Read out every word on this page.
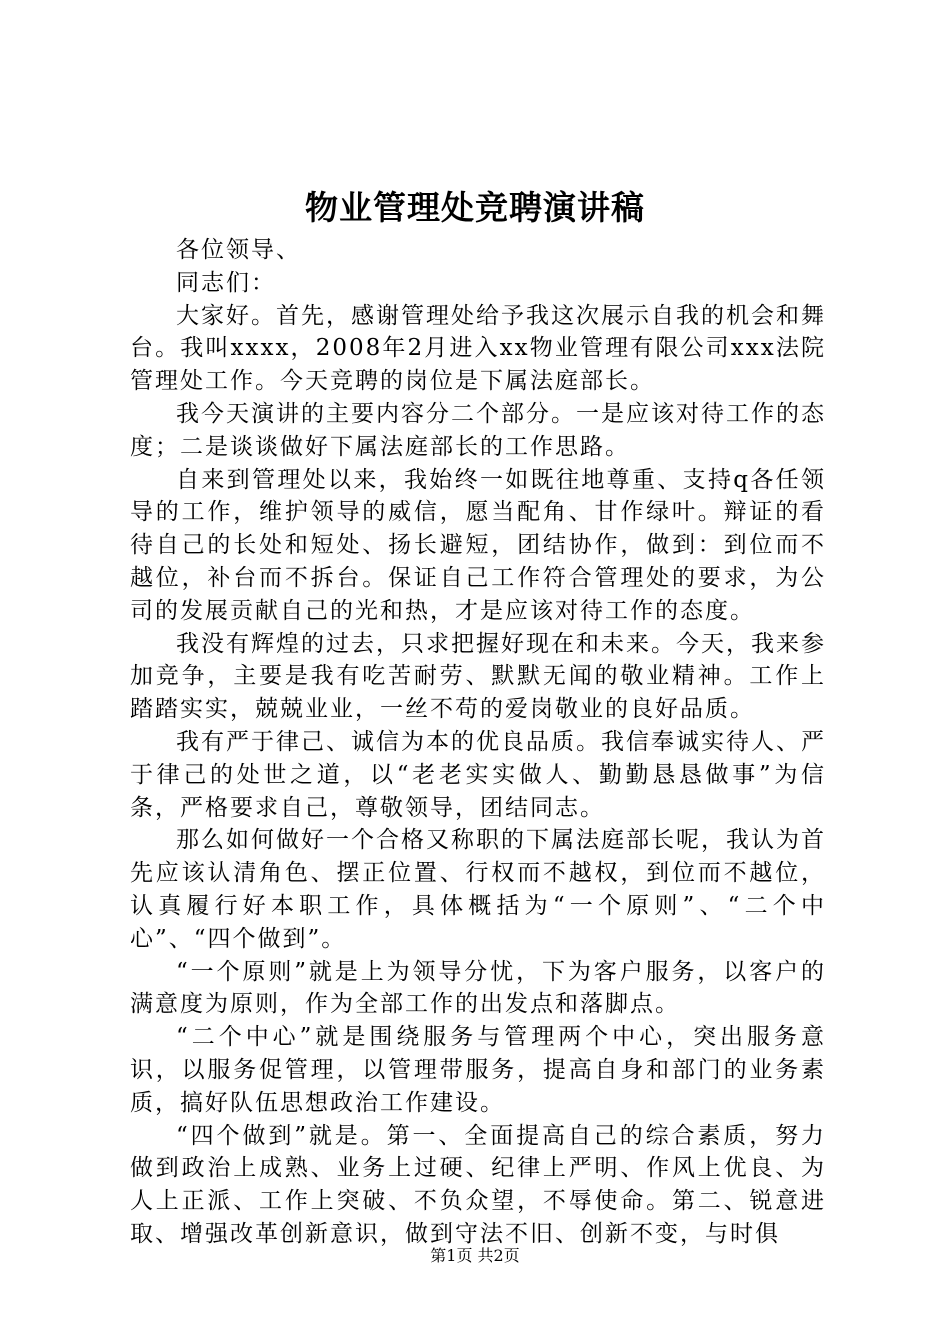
物业管理处竞聘演讲稿

各位领导、

同志们：

大家好。首先，感谢管理处给予我这次展示自我的机会和舞台。我叫xxxx，2008年2月进入xx物业管理有限公司xxx法院管理处工作。今天竞聘的岗位是下属法庭部长。

我今天演讲的主要内容分二个部分。一是应该对待工作的态度；二是谈谈做好下属法庭部长的工作思路。

自来到管理处以来，我始终一如既往地尊重、支持q各任领导的工作，维护领导的威信，愿当配角、甘作绿叶。辩证的看待自己的长处和短处、扬长避短，团结协作，做到：到位而不越位，补台而不拆台。保证自己工作符合管理处的要求，为公司的发展贡献自己的光和热，才是应该对待工作的态度。

我没有辉煌的过去，只求把握好现在和未来。今天，我来参加竞争，主要是我有吃苦耐劳、默默无闻的敬业精神。工作上踏踏实实，兢兢业业，一丝不苟的爱岗敬业的良好品质。

我有严于律己、诚信为本的优良品质。我信奉诚实待人、严于律己的处世之道，以“老老实实做人、勤勤恳恳做事”为信条，严格要求自己，尊敬领导，团结同志。

那么如何做好一个合格又称职的下属法庭部长呢，我认为首先应该认清角色、摆正位置、行权而不越权，到位而不越位，认真履行好本职工作，具体概括为“一个原则”、“二个中心”、“四个做到”。

“一个原则”就是上为领导分忧，下为客户服务，以客户的满意度为原则，作为全部工作的出发点和落脚点。

“二个中心”就是围绕服务与管理两个中心，突出服务意识，以服务促管理，以管理带服务，提高自身和部门的业务素质，搞好队伍思想政治工作建设。

“四个做到”就是。第一、全面提高自己的综合素质，努力做到政治上成熟、业务上过硬、纪律上严明、作风上优良、为人上正派、工作上突破、不负众望，不辱使命。第二、锐意进取、增强改革创新意识，做到守法不旧、创新不变，与时俱

第1页 共2页
